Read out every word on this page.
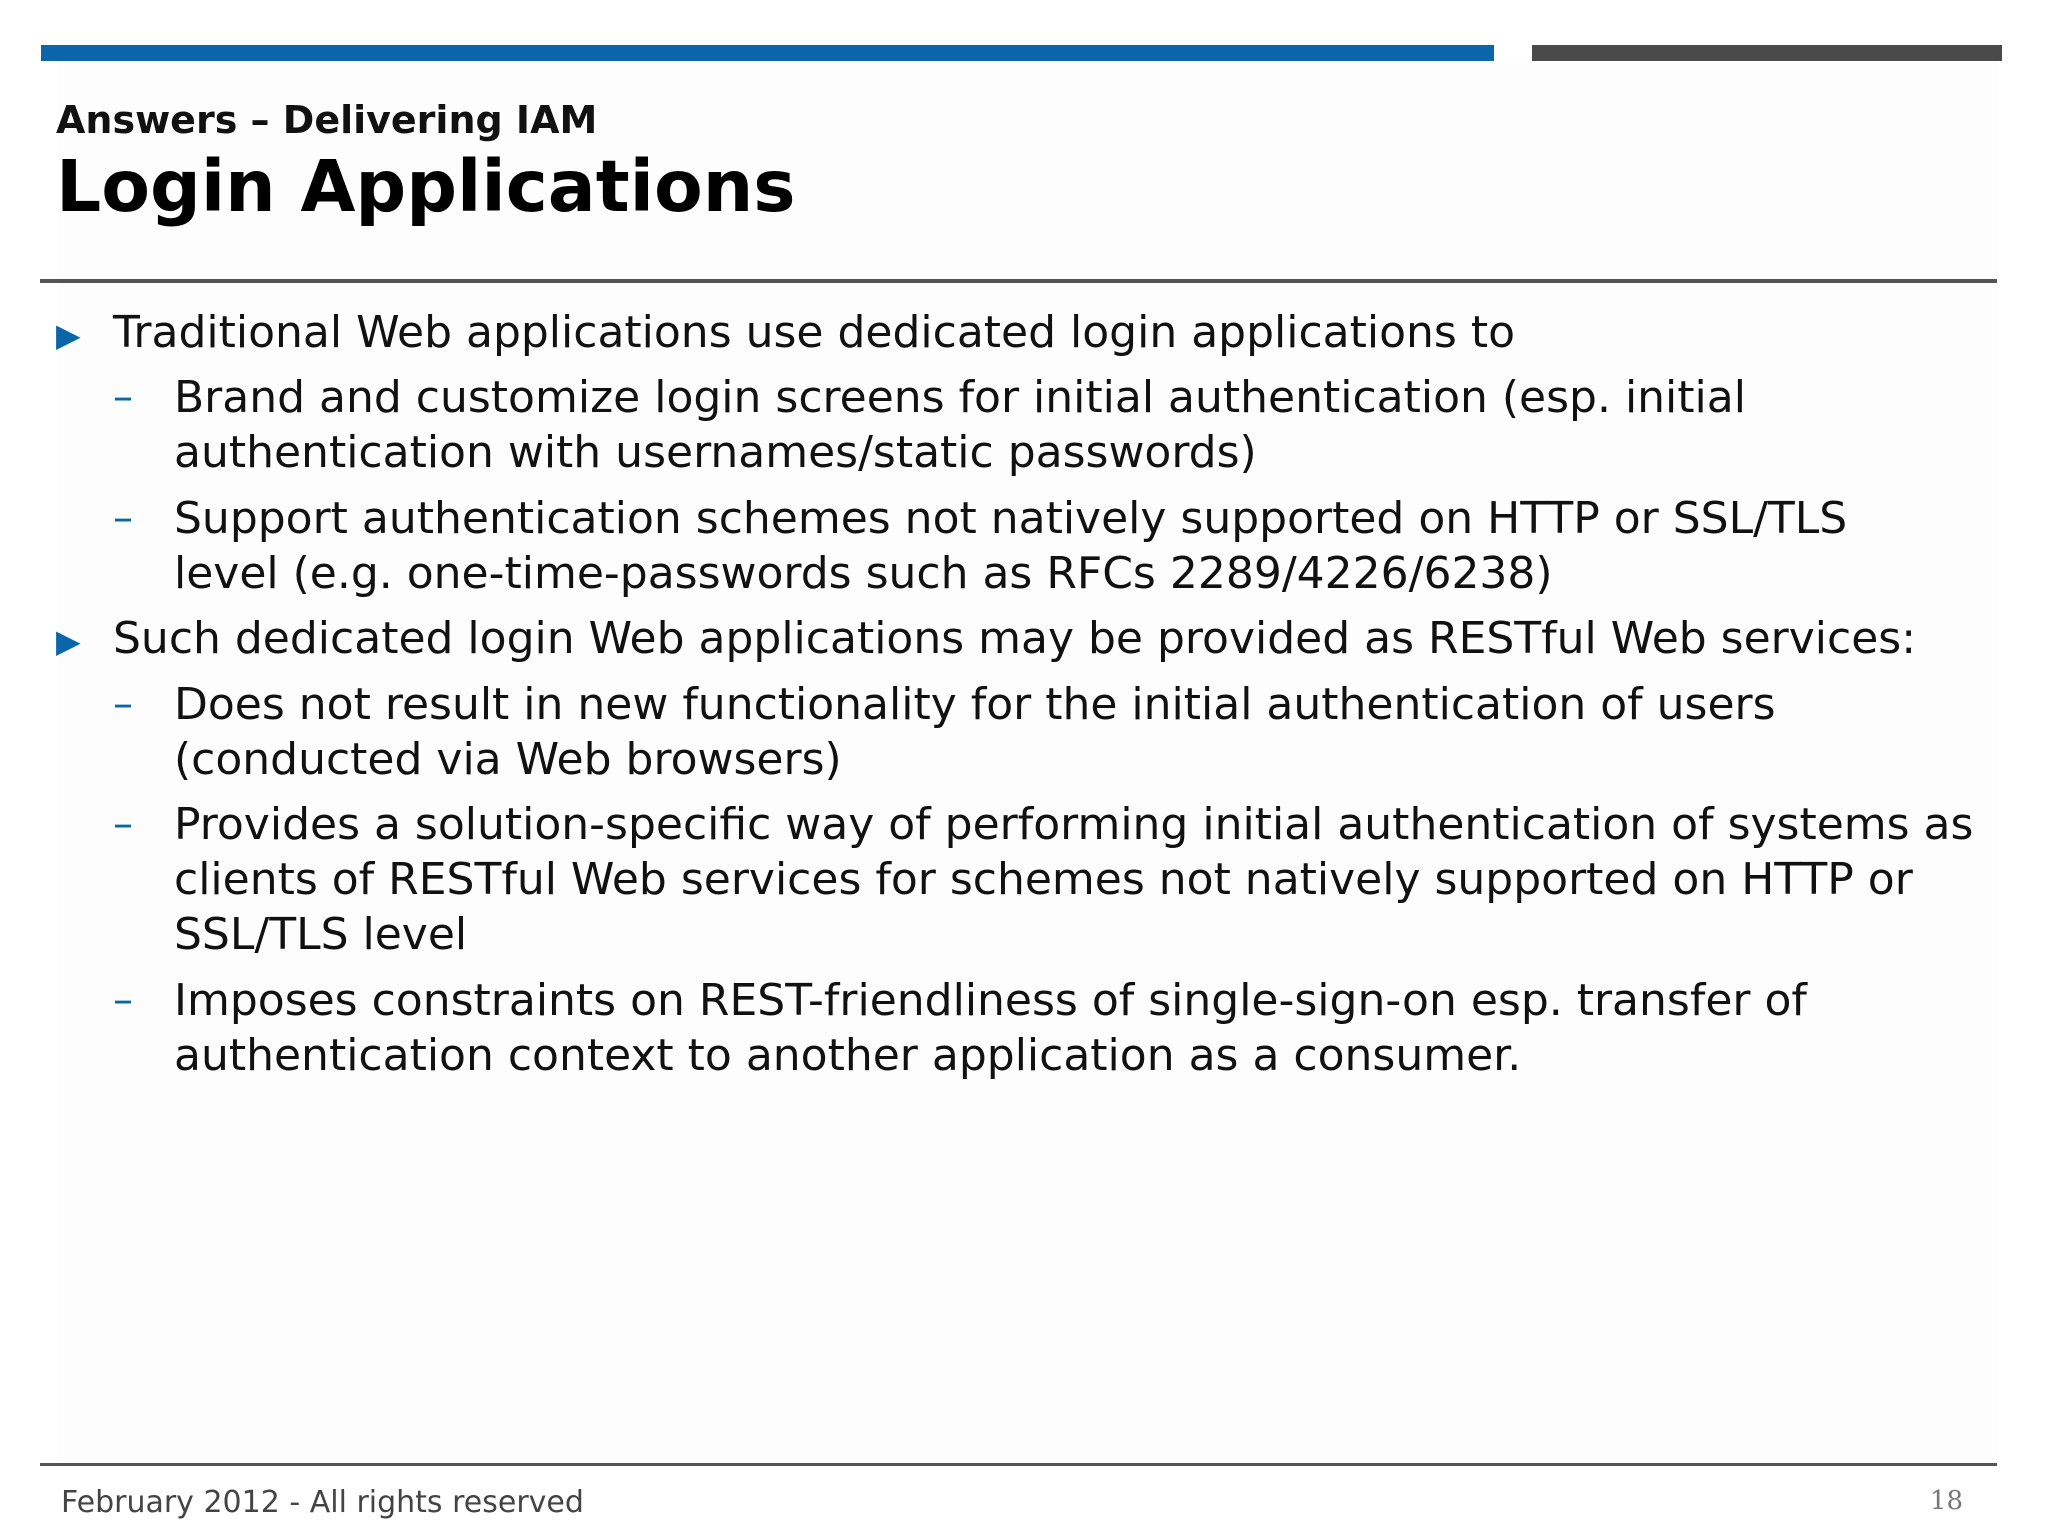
Answers – Delivering IAM
Login Applications
▶ Traditional Web applications use dedicated login applications to
– Brand and customize login screens for initial authentication (esp. initial authentication with usernames/static passwords)
– Support authentication schemes not natively supported on HTTP or SSL/TLS level (e.g. one-time-passwords such as RFCs 2289/4226/6238)
▶ Such dedicated login Web applications may be provided as RESTful Web services:
– Does not result in new functionality for the initial authentication of users (conducted via Web browsers)
– Provides a solution-specific way of performing initial authentication of systems as clients of RESTful Web services for schemes not natively supported on HTTP or SSL/TLS level
– Imposes constraints on REST-friendliness of single-sign-on esp. transfer of authentication context to another application as a consumer.
February 2012 - All rights reserved	18
